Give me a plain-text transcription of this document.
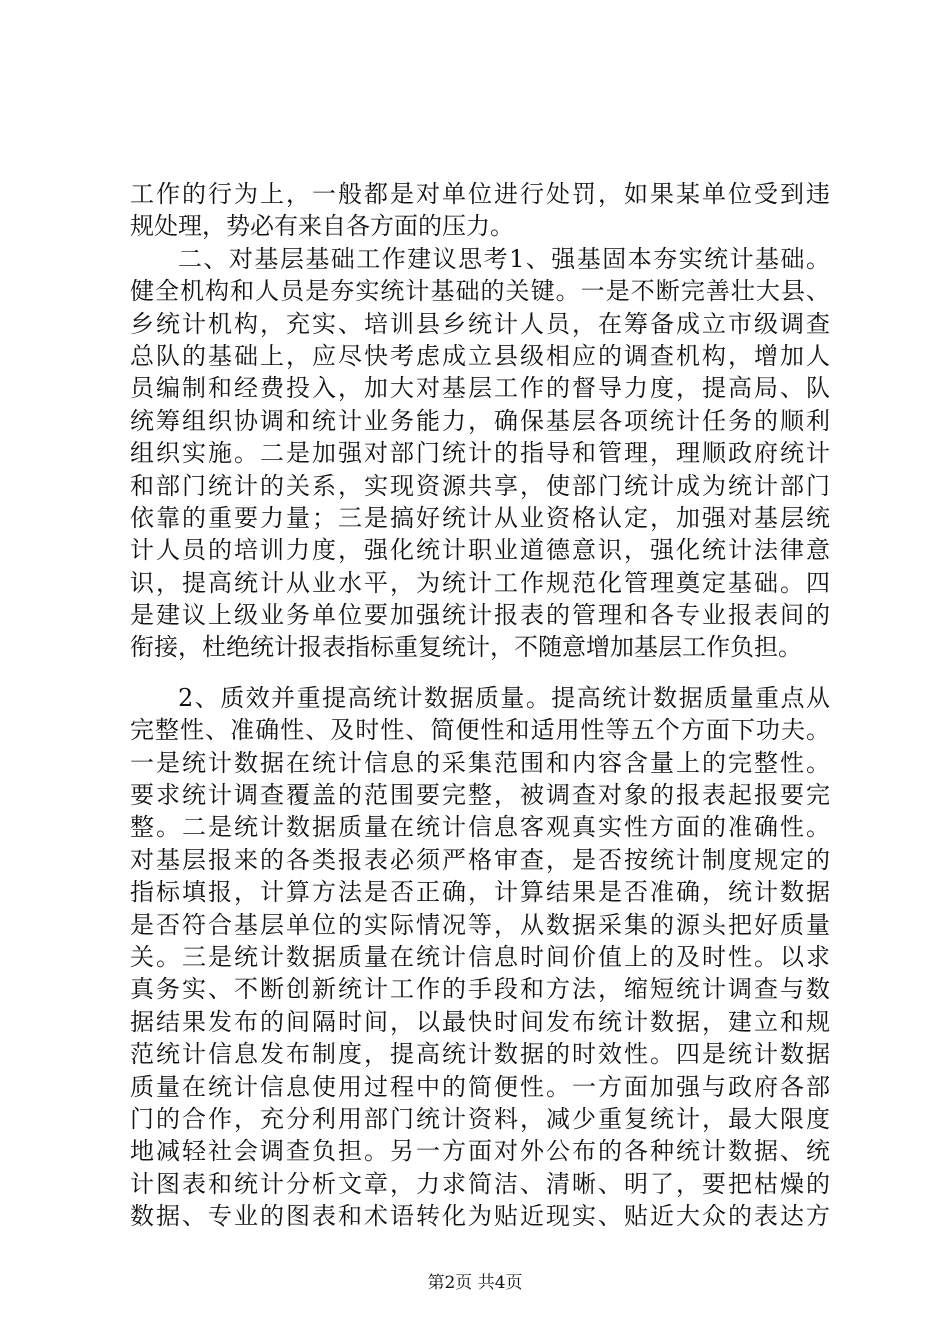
工作的行为上，一般都是对单位进行处罚，如果某单位受到违
规处理，势必有来自各方面的压力。
二、对基层基础工作建议思考1、强基固本夯实统计基础。
健全机构和人员是夯实统计基础的关键。一是不断完善壮大县、
乡统计机构，充实、培训县乡统计人员，在筹备成立市级调查
总队的基础上，应尽快考虑成立县级相应的调查机构，增加人
员编制和经费投入，加大对基层工作的督导力度，提高局、队
统筹组织协调和统计业务能力，确保基层各项统计任务的顺利
组织实施。二是加强对部门统计的指导和管理，理顺政府统计
和部门统计的关系，实现资源共享，使部门统计成为统计部门
依靠的重要力量；三是搞好统计从业资格认定，加强对基层统
计人员的培训力度，强化统计职业道德意识，强化统计法律意
识，提高统计从业水平，为统计工作规范化管理奠定基础。四
是建议上级业务单位要加强统计报表的管理和各专业报表间的
衔接，杜绝统计报表指标重复统计，不随意增加基层工作负担。
2、质效并重提高统计数据质量。提高统计数据质量重点从
完整性、准确性、及时性、简便性和适用性等五个方面下功夫。
一是统计数据在统计信息的采集范围和内容含量上的完整性。
要求统计调查覆盖的范围要完整，被调查对象的报表起报要完
整。二是统计数据质量在统计信息客观真实性方面的准确性。
对基层报来的各类报表必须严格审查，是否按统计制度规定的
指标填报，计算方法是否正确，计算结果是否准确，统计数据
是否符合基层单位的实际情况等，从数据采集的源头把好质量
关。三是统计数据质量在统计信息时间价值上的及时性。以求
真务实、不断创新统计工作的手段和方法，缩短统计调查与数
据结果发布的间隔时间，以最快时间发布统计数据，建立和规
范统计信息发布制度，提高统计数据的时效性。四是统计数据
质量在统计信息使用过程中的简便性。一方面加强与政府各部
门的合作，充分利用部门统计资料，减少重复统计，最大限度
地减轻社会调查负担。另一方面对外公布的各种统计数据、统
计图表和统计分析文章，力求简洁、清晰、明了，要把枯燥的
数据、专业的图表和术语转化为贴近现实、贴近大众的表达方
第2页 共4页
